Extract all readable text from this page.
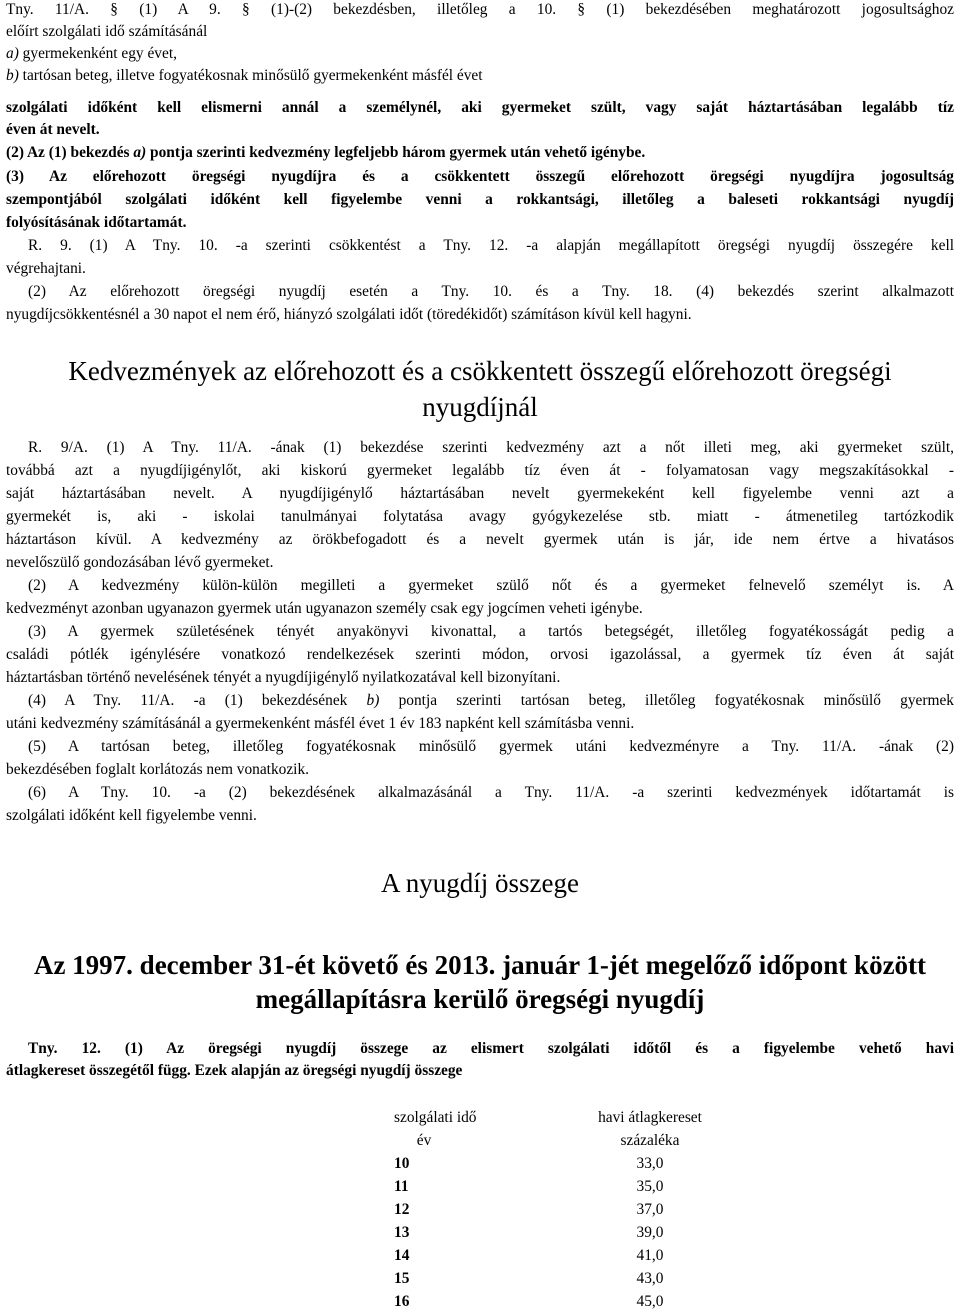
Tny. 11/A. § (1) A 9. § (1)-(2) bekezdésben, illetőleg a 10. § (1) bekezdésében meghatározott jogosultsághoz
előírt szolgálati idő számításánál
a) gyermekenként egy évet,
b) tartósan beteg, illetve fogyatékosnak minősülő gyermekenként másfél évet
szolgálati időként kell elismerni annál a személynél, aki gyermeket szült, vagy saját háztartásában legalább tíz
éven át nevelt.
(2) Az (1) bekezdés a) pontja szerinti kedvezmény legfeljebb három gyermek után vehető igénybe.
(3) Az előrehozott öregségi nyugdíjra és a csökkentett összegű előrehozott öregségi nyugdíjra jogosultság
szempontjából szolgálati időként kell figyelembe venni a rokkantsági, illetőleg a baleseti rokkantsági nyugdíj
folyósításának időtartamát.
R. 9. (1) A Tny. 10. -a szerinti csökkentést a Tny. 12. -a alapján megállapított öregségi nyugdíj összegére kell
végrehajtani.
(2) Az előrehozott öregségi nyugdíj esetén a Tny. 10. és a Tny. 18. (4) bekezdés szerint alkalmazott
nyugdíjcsökkentésnél a 30 napot el nem érő, hiányzó szolgálati időt (töredékidőt) számításon kívül kell hagyni.
Kedvezmények az előrehozott és a csökkentett összegű előrehozott öregségi
nyugdíjnál
R. 9/A. (1) A Tny. 11/A. -ának (1) bekezdése szerinti kedvezmény azt a nőt illeti meg, aki gyermeket szült,
továbbá azt a nyugdíjigénylőt, aki kiskorú gyermeket legalább tíz éven át - folyamatosan vagy megszakításokkal -
saját háztartásában nevelt. A nyugdíjigénylő háztartásában nevelt gyermekeként kell figyelembe venni azt a
gyermekét is, aki - iskolai tanulmányai folytatása avagy gyógykezelése stb. miatt - átmenetileg tartózkodik
háztartáson kívül. A kedvezmény az örökbefogadott és a nevelt gyermek után is jár, ide nem értve a hivatásos
nevelőszülő gondozásában lévő gyermeket.
(2) A kedvezmény külön-külön megilleti a gyermeket szülő nőt és a gyermeket felnevelő személyt is. A
kedvezményt azonban ugyanazon gyermek után ugyanazon személy csak egy jogcímen veheti igénybe.
(3) A gyermek születésének tényét anyakönyvi kivonattal, a tartós betegségét, illetőleg fogyatékosságát pedig a
családi pótlék igénylésére vonatkozó rendelkezések szerinti módon, orvosi igazolással, a gyermek tíz éven át saját
háztartásban történő nevelésének tényét a nyugdíjigénylő nyilatkozatával kell bizonyítani.
(4) A Tny. 11/A. -a (1) bekezdésének b) pontja szerinti tartósan beteg, illetőleg fogyatékosnak minősülő gyermek
utáni kedvezmény számításánál a gyermekenként másfél évet 1 év 183 napként kell számításba venni.
(5) A tartósan beteg, illetőleg fogyatékosnak minősülő gyermek utáni kedvezményre a Tny. 11/A. -ának (2)
bekezdésében foglalt korlátozás nem vonatkozik.
(6) A Tny. 10. -a (2) bekezdésének alkalmazásánál a Tny. 11/A. -a szerinti kedvezmények időtartamát is
szolgálati időként kell figyelembe venni.
A nyugdíj összege
Az 1997. december 31-ét követő és 2013. január 1-jét megelőző időpont között
megállapításra kerülő öregségi nyugdíj
Tny. 12. (1) Az öregségi nyugdíj összege az elismert szolgálati időtől és a figyelembe vehető havi
átlagkereset összegétől függ. Ezek alapján az öregségi nyugdíj összege
szolgálati idő	havi átlagkereset
év	százaléka
10	33,0
11	35,0
12	37,0
13	39,0
14	41,0
15	43,0
16	45,0
